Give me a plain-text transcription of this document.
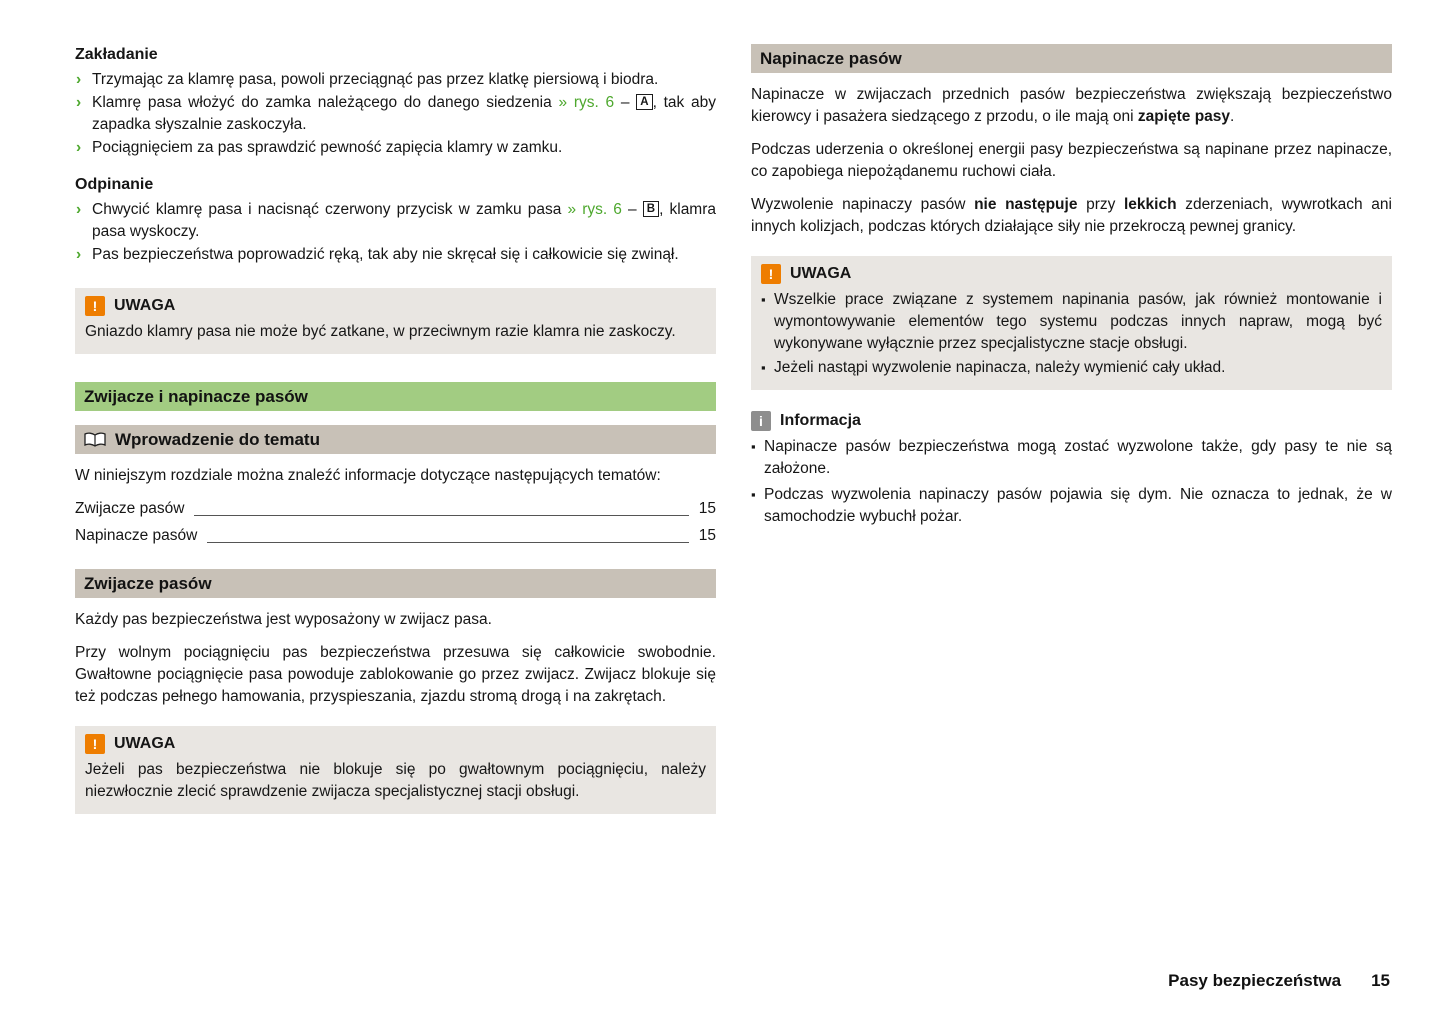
Zakładanie
› Trzymając za klamrę pasa, powoli przeciągnąć pas przez klatkę piersiową i biodra.
› Klamrę pasa włożyć do zamka należącego do danego siedzenia » rys. 6 – A , tak aby zapadka słyszalnie zaskoczyła.
› Pociągnięciem za pas sprawdzić pewność zapięcia klamry w zamku.
Odpinanie
› Chwycić klamrę pasa i nacisnąć czerwony przycisk w zamku pasa » rys. 6 – B , klamra pasa wyskoczy.
› Pas bezpieczeństwa poprowadzić ręką, tak aby nie skręcał się i całkowicie się zwinął.
! UWAGA
Gniazdo klamry pasa nie może być zatkane, w przeciwnym razie klamra nie zaskoczy.
Zwijacze i napinacze pasów
Wprowadzenie do tematu

W niniejszym rozdziale można znaleźć informacje dotyczące następujących tematów:

Zwijacze pasów	15
Napinacze pasów	15
Zwijacze pasów

Każdy pas bezpieczeństwa jest wyposażony w zwijacz pasa.

Przy wolnym pociągnięciu pas bezpieczeństwa przesuwa się całkowicie swobodnie. Gwałtowne pociągnięcie pasa powoduje zablokowanie go przez zwijacz. Zwijacz blokuje się też podczas pełnego hamowania, przyspieszania, zjazdu stromą drogą i na zakrętach.

! UWAGA
Jeżeli pas bezpieczeństwa nie blokuje się po gwałtownym pociągnięciu, należy niezwłocznie zlecić sprawdzenie zwijacza specjalistycznej stacji obsługi.
Napinacze pasów

Napinacze w zwijaczach przednich pasów bezpieczeństwa zwiększają bezpieczeństwo kierowcy i pasażera siedzącego z przodu, o ile mają oni zapięte pasy.

Podczas uderzenia o określonej energii pasy bezpieczeństwa są napinane przez napinacze, co zapobiega niepożądanemu ruchowi ciała.

Wyzwolenie napinaczy pasów nie następuje przy lekkich zderzeniach, wywrotkach ani innych kolizjach, podczas których działające siły nie przekroczą pewnej granicy.

! UWAGA
▪ Wszelkie prace związane z systemem napinania pasów, jak również montowanie i wymontowywanie elementów tego systemu podczas innych napraw, mogą być wykonywane wyłącznie przez specjalistyczne stacje obsługi.
▪ Jeżeli nastąpi wyzwolenie napinacza, należy wymienić cały układ.
i Informacja
▪ Napinacze pasów bezpieczeństwa mogą zostać wyzwolone także, gdy pasy te nie są założone.
▪ Podczas wyzwolenia napinaczy pasów pojawia się dym. Nie oznacza to jednak, że w samochodzie wybuchł pożar.
Pasy bezpieczeństwa 15
